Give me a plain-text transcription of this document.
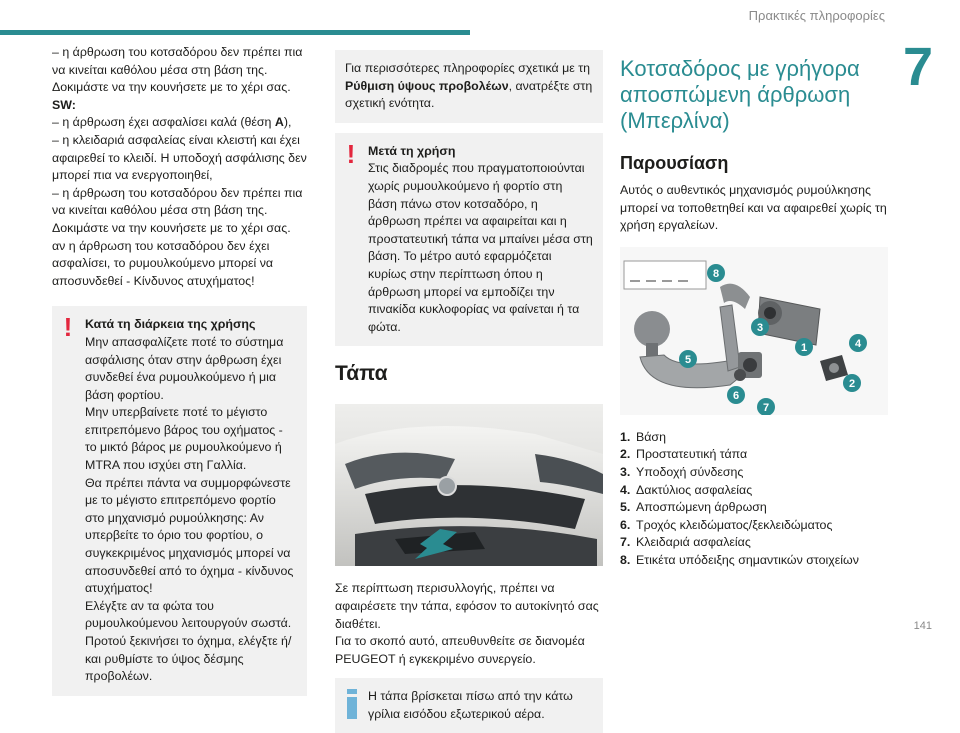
Πρακτικές πληροφορίες
7
141

– η άρθρωση του κοτσαδόρου δεν πρέπει πια να κινείται καθόλου μέσα στη βάση της. Δοκιμάστε να την κουνήσετε με το χέρι σας.

SW:

– η άρθρωση έχει ασφαλίσει καλά (θέση A),

– η κλειδαριά ασφαλείας είναι κλειστή και έχει αφαιρεθεί το κλειδί. Η υποδοχή ασφάλισης δεν μπορεί πια να ενεργοποιηθεί,

– η άρθρωση του κοτσαδόρου δεν πρέπει πια να κινείται καθόλου μέσα στη βάση της. Δοκιμάστε να την κουνήσετε με το χέρι σας.

αν η άρθρωση του κοτσαδόρου δεν έχει ασφαλίσει, το ρυμουλκούμενο μπορεί να αποσυνδεθεί - Κίνδυνος ατυχήματος!

! Κατά τη διάρκεια της χρήσης

Μην απασφαλίζετε ποτέ το σύστημα ασφάλισης όταν στην άρθρωση έχει συνδεθεί ένα ρυμουλκούμενο ή μια βάση φορτίου.

Μην υπερβαίνετε ποτέ το μέγιστο επιτρεπόμενο βάρος του οχήματος - το μικτό βάρος με ρυμουλκούμενο ή MTRA που ισχύει στη Γαλλία.

Θα πρέπει πάντα να συμμορφώνεστε με το μέγιστο επιτρεπόμενο φορτίο στο μηχανισμό ρυμούλκησης: Αν υπερβείτε το όριο του φορτίου, ο συγκεκριμένος μηχανισμός μπορεί να αποσυνδεθεί από το όχημα - κίνδυνος ατυχήματος!

Ελέγξτε αν τα φώτα του ρυμουλκούμενου λειτουργούν σωστά.

Προτού ξεκινήσει το όχημα, ελέγξτε ή/και ρυθμίστε το ύψος δέσμης προβολέων.

Για περισσότερες πληροφορίες σχετικά με τη Ρύθμιση ύψους προβολέων, ανατρέξτε στη σχετική ενότητα.

! Μετά τη χρήση

Στις διαδρομές που πραγματοποιούνται χωρίς ρυμουλκούμενο ή φορτίο στη βάση πάνω στον κοτσαδόρο, η άρθρωση πρέπει να αφαιρείται και η προστατευτική τάπα να μπαίνει μέσα στη βάση. Το μέτρο αυτό εφαρμόζεται κυρίως στην περίπτωση όπου η άρθρωση μπορεί να εμποδίζει την πινακίδα κυκλοφορίας να φαίνεται ή τα φώτα.

Τάπα

Σε περίπτωση περισυλλογής, πρέπει να αφαιρέσετε την τάπα, εφόσον το αυτοκίνητό σας διαθέτει.

Για το σκοπό αυτό, απευθυνθείτε σε διανομέα PEUGEOT ή εγκεκριμένο συνεργείο.

Η τάπα βρίσκεται πίσω από την κάτω γρίλια εισόδου εξωτερικού αέρα.

Κοτσαδόρος με γρήγορα αποσπώμενη άρθρωση (Μπερλίνα)
Παρουσίαση

Αυτός ο αυθεντικός μηχανισμός ρυμούλκησης μπορεί να τοποθετηθεί και να αφαιρεθεί χωρίς τη χρήση εργαλείων.

8
3
1	4
2
5
6
7
1. Βάση
2. Προστατευτική τάπα
3. Υποδοχή σύνδεσης
4. Δακτύλιος ασφαλείας
5. Αποσπώμενη άρθρωση
6. Τροχός κλειδώματος/ξεκλειδώματος
7. Κλειδαριά ασφαλείας
8. Ετικέτα υπόδειξης σημαντικών στοιχείων
